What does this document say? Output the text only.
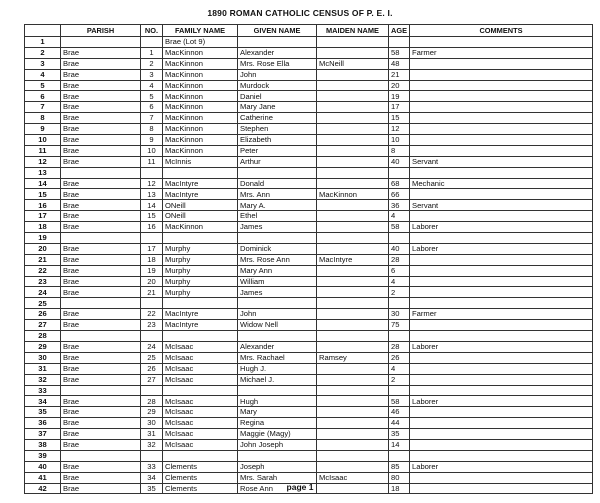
1890 ROMAN CATHOLIC CENSUS OF P. E. I.
	PARISH	NO.	FAMILY NAME	GIVEN NAME	MAIDEN NAME	AGE	COMMENTS
1			Brae (Lot 9)				
2	Brae	1	MacKinnon	Alexander		58	Farmer
3	Brae	2	MacKinnon	Mrs. Rose Ella	McNeill	48	
4	Brae	3	MacKinnon	John		21	
5	Brae	4	MacKinnon	Murdock		20	
6	Brae	5	MacKinnon	Daniel		19	
7	Brae	6	MacKinnon	Mary Jane		17	
8	Brae	7	MacKinnon	Catherine		15	
9	Brae	8	MacKinnon	Stephen		12	
10	Brae	9	MacKinnon	Elizabeth		10	
11	Brae	10	MacKinnon	Peter		8	
12	Brae	11	McInnis	Arthur		40	Servant
13							
14	Brae	12	MacIntyre	Donald		68	Mechanic
15	Brae	13	MacIntyre	Mrs. Ann	MacKinnon	66	
16	Brae	14	ONeill	Mary A.		36	Servant
17	Brae	15	ONeill	Ethel		4	
18	Brae	16	MacKinnon	James		58	Laborer
19							
20	Brae	17	Murphy	Dominick		40	Laborer
21	Brae	18	Murphy	Mrs. Rose Ann	MacIntyre	28	
22	Brae	19	Murphy	Mary Ann		6	
23	Brae	20	Murphy	William		4	
24	Brae	21	Murphy	James		2	
25							
26	Brae	22	MacIntyre	John		30	Farmer
27	Brae	23	MacIntyre	Widow Nell		75	
28							
29	Brae	24	McIsaac	Alexander		28	Laborer
30	Brae	25	McIsaac	Mrs. Rachael	Ramsey	26	
31	Brae	26	McIsaac	Hugh J.		4	
32	Brae	27	McIsaac	Michael J.		2	
33							
34	Brae	28	McIsaac	Hugh		58	Laborer
35	Brae	29	McIsaac	Mary		46	
36	Brae	30	McIsaac	Regina		44	
37	Brae	31	McIsaac	Maggie (Magy)		35	
38	Brae	32	McIsaac	John Joseph		14	
39							
40	Brae	33	Clements	Joseph		85	Laborer
41	Brae	34	Clements	Mrs. Sarah	McIsaac	80	
42	Brae	35	Clements	Rose Ann		18	
page 1
